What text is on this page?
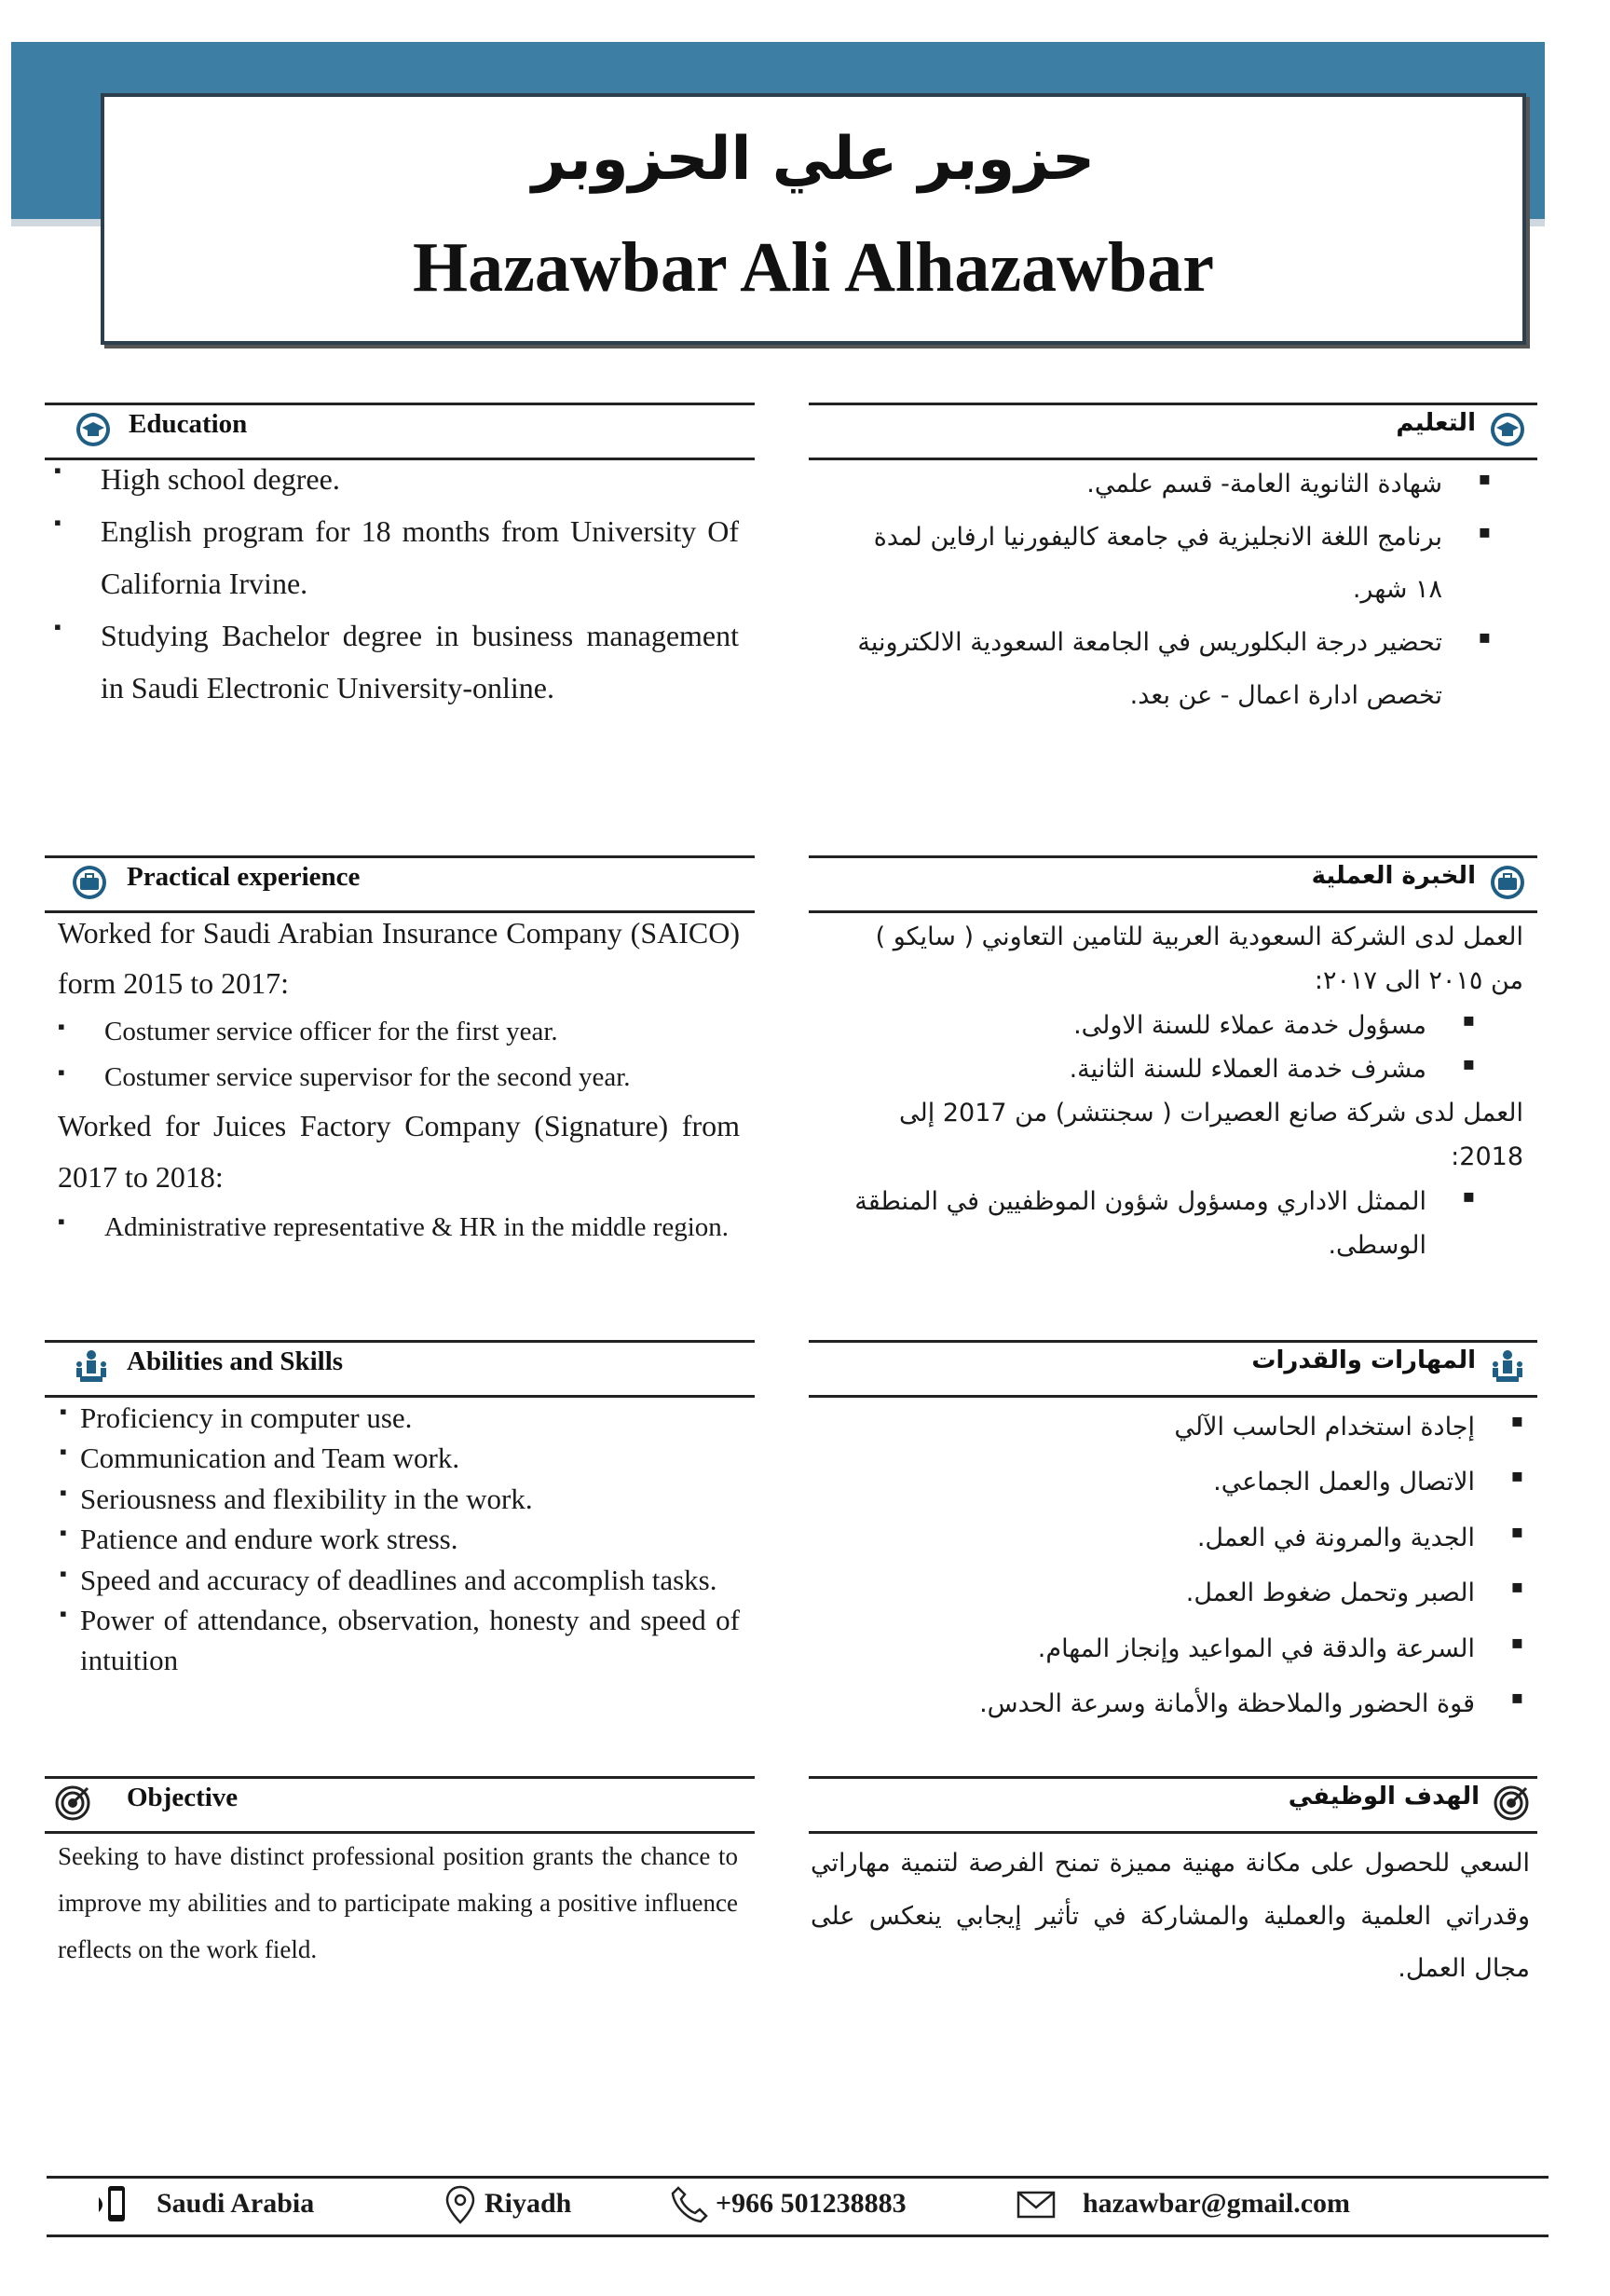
حزوبر علي الحزوبر
Hazawbar Ali Alhazawbar
Education	التعليم
▪ High school degree.
▪ English program for 18 months from University Of California Irvine.
▪ Studying Bachelor degree in business management in Saudi Electronic University-online.
▪ شهادة الثانوية العامة- قسم علمي.
▪ برنامج اللغة الانجليزية في جامعة كاليفورنيا ارفاين لمدة ١٨ شهر.
▪ تحضير درجة البكلوريس في الجامعة السعودية الالكترونية تخصص ادارة اعمال - عن بعد.
Practical experience	الخبرة العملية
Worked for Saudi Arabian Insurance Company (SAICO) form 2015 to 2017:
▪ Costumer service officer for the first year.
▪ Costumer service supervisor for the second year.
Worked for Juices Factory Company (Signature) from 2017 to 2018:
▪ Administrative representative & HR in the middle region.
العمل لدى الشركة السعودية العربية للتامين التعاوني ( سايكو ) من ٢٠١٥ الى ٢٠١٧:
▪ مسؤول خدمة عملاء للسنة الاولى.
▪ مشرف خدمة العملاء للسنة الثانية.
العمل لدى شركة صانع العصيرات ( سجنتشر) من 2017 إلى 2018:
▪ الممثل الاداري ومسؤول شؤون الموظفيين في المنطقة الوسطى.
Abilities and Skills	المهارات والقدرات
▪ Proficiency in computer use.
▪ Communication and Team work.
▪ Seriousness and flexibility in the work.
▪ Patience and endure work stress.
▪ Speed and accuracy of deadlines and accomplish tasks.
▪ Power of attendance, observation, honesty and speed of intuition
▪ إجادة استخدام الحاسب الآلي
▪ الاتصال والعمل الجماعي.
▪ الجدية والمرونة في العمل.
▪ الصبر وتحمل ضغوط العمل.
▪ السرعة والدقة في المواعيد وإنجاز المهام.
▪ قوة الحضور والملاحظة والأمانة وسرعة الحدس.
Objective	الهدف الوظيفي
Seeking to have distinct professional position grants the chance to improve my abilities and to participate making a positive influence reflects on the work field.
السعي للحصول على مكانة مهنية مميزة تمنح الفرصة لتنمية مهاراتي وقدراتي العلمية والعملية والمشاركة في تأثير إيجابي ينعكس على مجال العمل.
Saudi Arabia	Riyadh	+966 501238883	hazawbar@gmail.com
